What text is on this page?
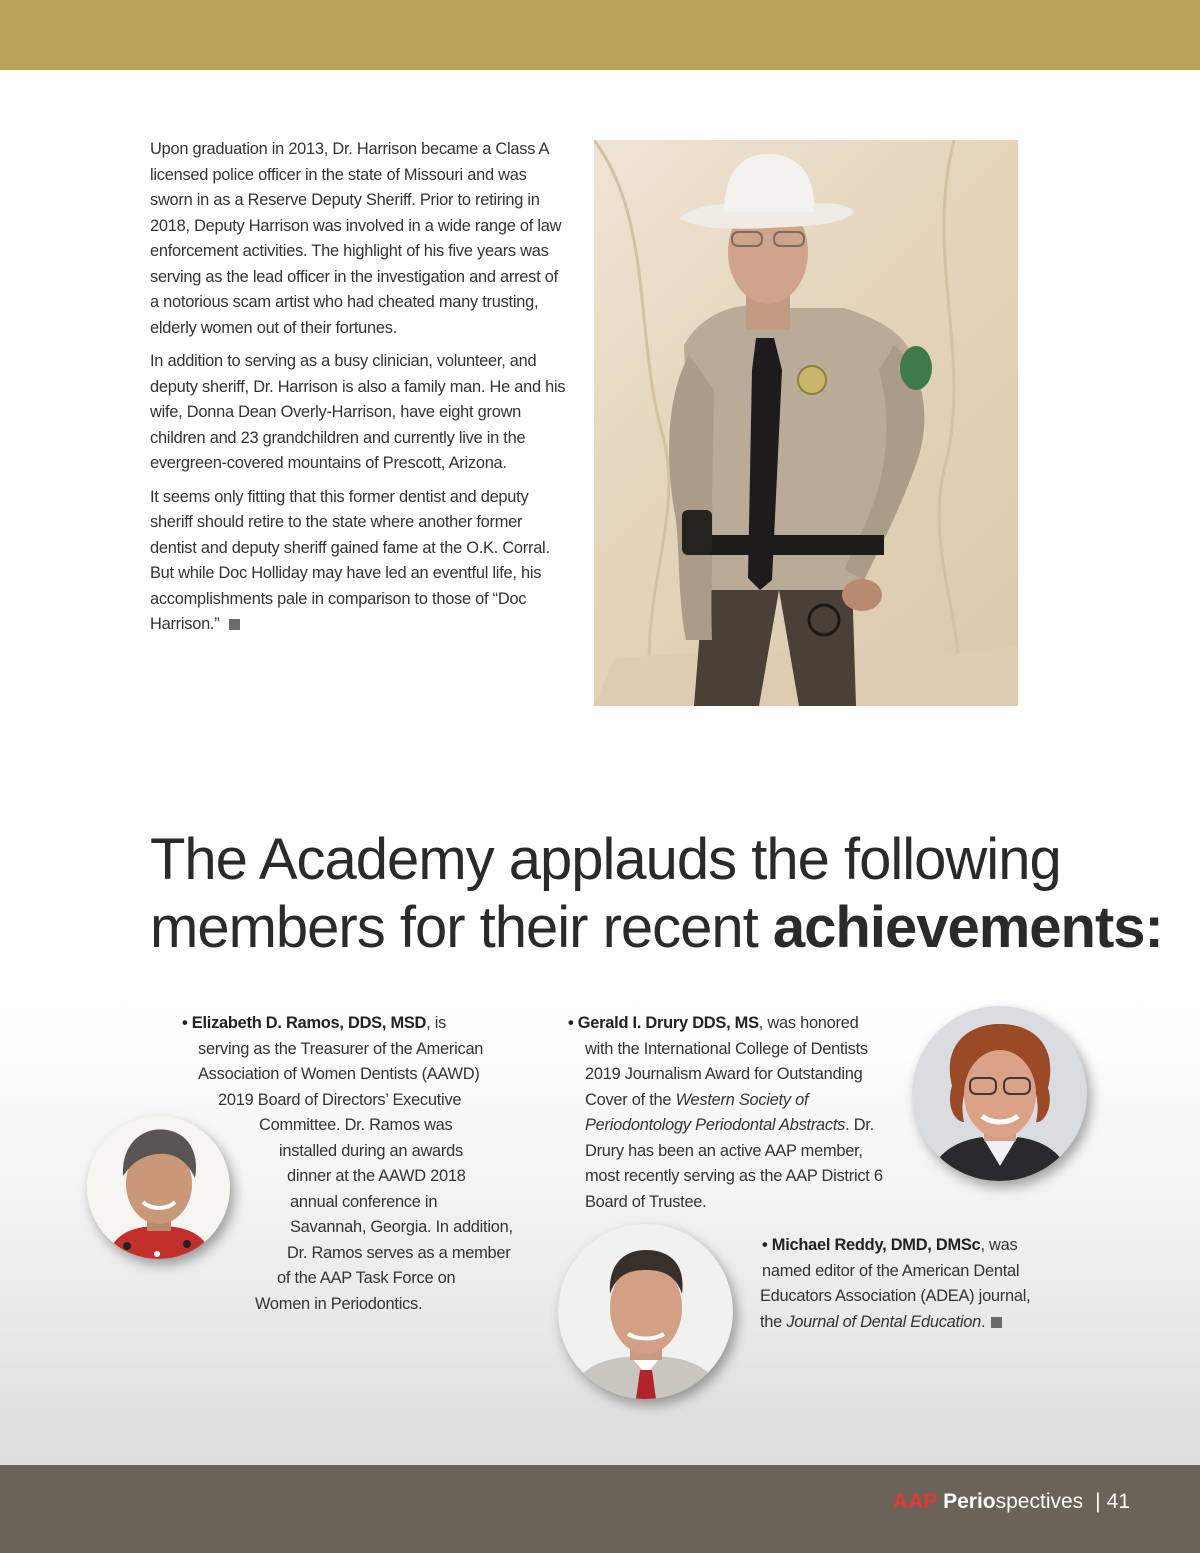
Upon graduation in 2013, Dr. Harrison became a Class A licensed police officer in the state of Missouri and was sworn in as a Reserve Deputy Sheriff. Prior to retiring in 2018, Deputy Harrison was involved in a wide range of law enforcement activities. The highlight of his five years was serving as the lead officer in the investigation and arrest of a notorious scam artist who had cheated many trusting, elderly women out of their fortunes.

In addition to serving as a busy clinician, volunteer, and deputy sheriff, Dr. Harrison is also a family man. He and his wife, Donna Dean Overly-Harrison, have eight grown children and 23 grandchildren and currently live in the evergreen-covered mountains of Prescott, Arizona.

It seems only fitting that this former dentist and deputy sheriff should retire to the state where another former dentist and deputy sheriff gained fame at the O.K. Corral. But while Doc Holliday may have led an eventful life, his accomplishments pale in comparison to those of “Doc Harrison.”

The Academy applauds the following
members for their recent achievements:
• Elizabeth D. Ramos, DDS, MSD, is
serving as the Treasurer of the American
Association of Women Dentists (AAWD)
2019 Board of Directors’ Executive
Committee. Dr. Ramos was
installed during an awards
dinner at the AAWD 2018
annual conference in
Savannah, Georgia. In addition,
Dr. Ramos serves as a member
of the AAP Task Force on
Women in Periodontics.
• Gerald I. Drury DDS, MS, was honored
with the International College of Dentists
2019 Journalism Award for Outstanding
Cover of the Western Society of
Periodontology Periodontal Abstracts. Dr.
Drury has been an active AAP member,
most recently serving as the AAP District 6
Board of Trustee.
• Michael Reddy, DMD, DMSc, was
named editor of the American Dental
Educators Association (ADEA) journal,
the Journal of Dental Education.
AAP Periospectives | 41
